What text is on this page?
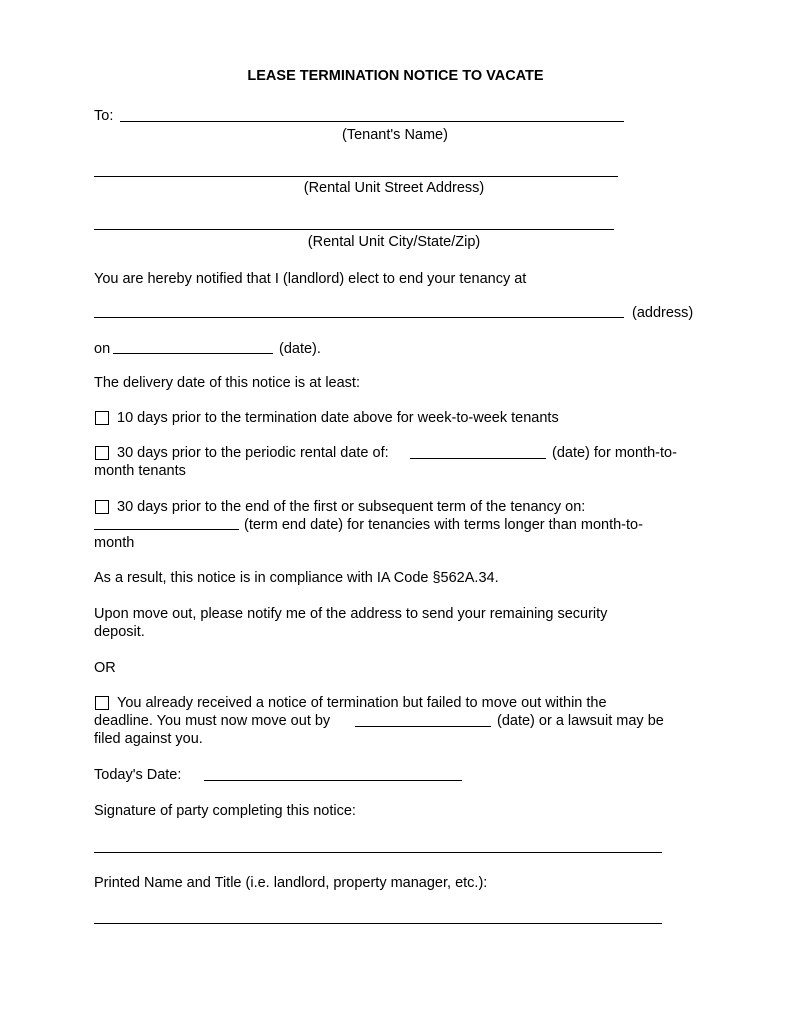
LEASE TERMINATION NOTICE TO VACATE
To:
(Tenant's Name)
(Rental Unit Street Address)
(Rental Unit City/State/Zip)
You are hereby notified that I (landlord) elect to end your tenancy at
(address)
on	(date).
The delivery date of this notice is at least:
10 days prior to the termination date above for week-to-week tenants
30 days prior to the periodic rental date of:	(date) for month-to-
month tenants
30 days prior to the end of the first or subsequent term of the tenancy on:
(term end date) for tenancies with terms longer than month-to-
month
As a result, this notice is in compliance with IA Code §562A.34.
Upon move out, please notify me of the address to send your remaining security
deposit.
OR
You already received a notice of termination but failed to move out within the
deadline. You must now move out by	(date) or a lawsuit may be
filed against you.
Today's Date:
Signature of party completing this notice:
Printed Name and Title (i.e. landlord, property manager, etc.):
